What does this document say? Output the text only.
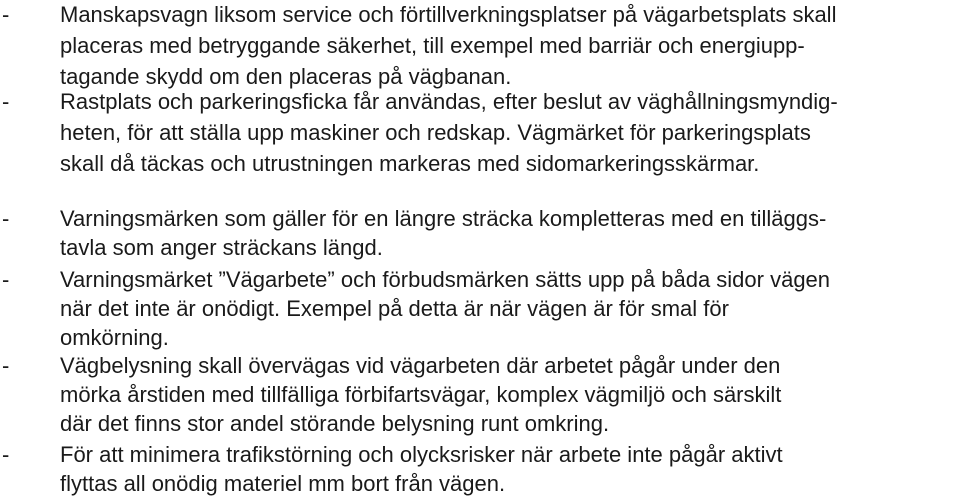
- Manskapsvagn liksom service och förtillverkningsplatser på vägarbetsplats skall
placeras med betryggande säkerhet, till exempel med barriär och energiupp-
tagande skydd om den placeras på vägbanan.
- Rastplats och parkeringsficka får användas, efter beslut av väghållningsmyndig-
heten, för att ställa upp maskiner och redskap. Vägmärket för parkeringsplats
skall då täckas och utrustningen markeras med sidomarkeringsskärmar.
- Varningsmärken som gäller för en längre sträcka kompletteras med en tilläggs-
tavla som anger sträckans längd.
- Varningsmärket ”Vägarbete” och förbudsmärken sätts upp på båda sidor vägen
när det inte är onödigt. Exempel på detta är när vägen är för smal för
omkörning.
- Vägbelysning skall övervägas vid vägarbeten där arbetet pågår under den
mörka årstiden med tillfälliga förbifartsvägar, komplex vägmiljö och särskilt
där det finns stor andel störande belysning runt omkring.
- För att minimera trafikstörning och olycksrisker när arbete inte pågår aktivt
flyttas all onödig materiel mm bort från vägen.
